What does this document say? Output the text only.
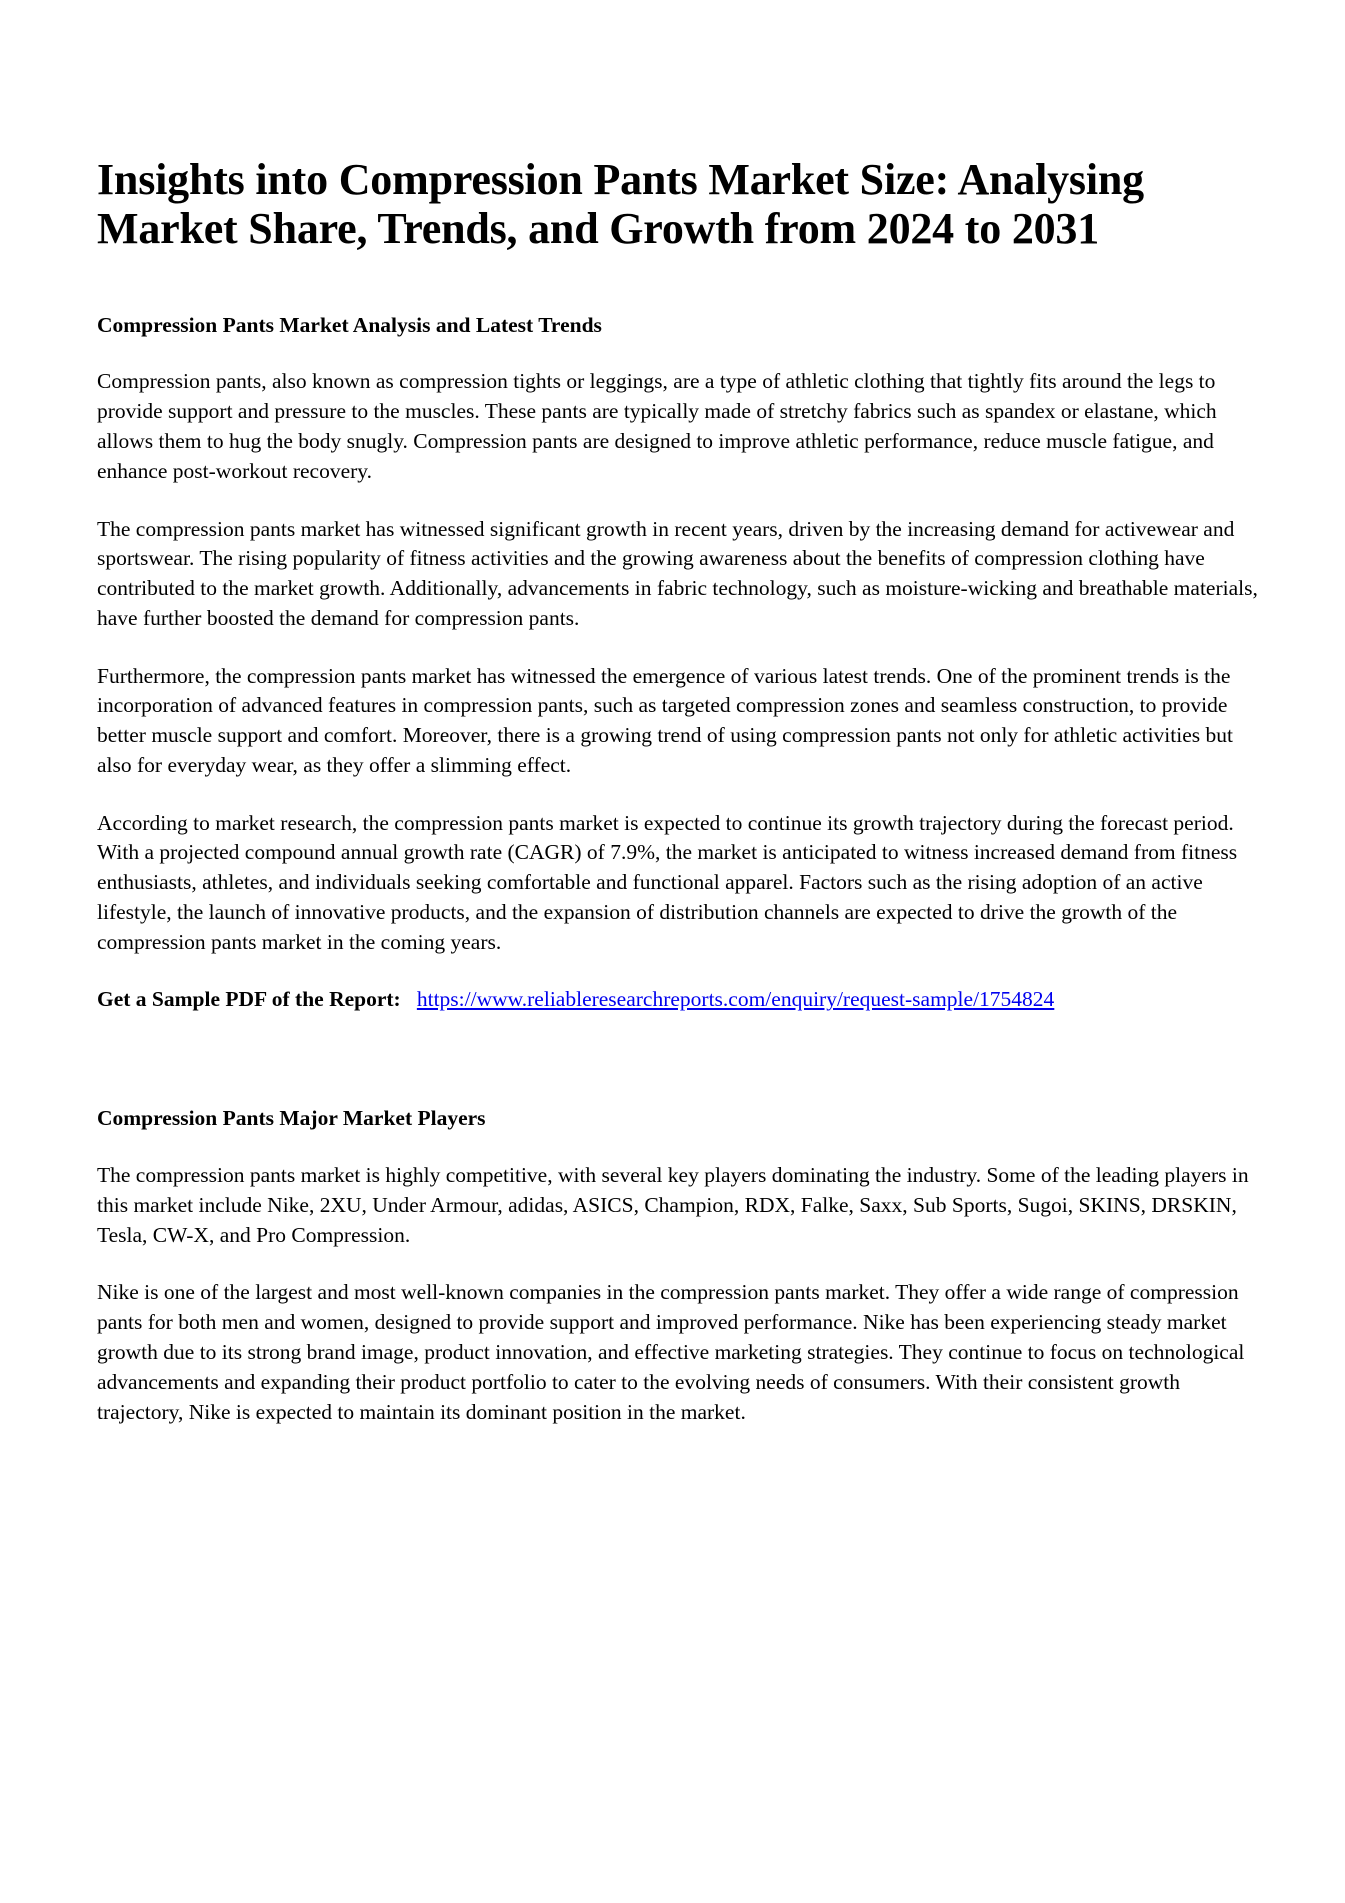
Insights into Compression Pants Market Size: Analysing Market Share, Trends, and Growth from 2024 to 2031
Compression Pants Market Analysis and Latest Trends

Compression pants, also known as compression tights or leggings, are a type of athletic clothing that tightly fits around the legs to provide support and pressure to the muscles. These pants are typically made of stretchy fabrics such as spandex or elastane, which allows them to hug the body snugly. Compression pants are designed to improve athletic performance, reduce muscle fatigue, and enhance post-workout recovery.

The compression pants market has witnessed significant growth in recent years, driven by the increasing demand for activewear and sportswear. The rising popularity of fitness activities and the growing awareness about the benefits of compression clothing have contributed to the market growth. Additionally, advancements in fabric technology, such as moisture-wicking and breathable materials, have further boosted the demand for compression pants.

Furthermore, the compression pants market has witnessed the emergence of various latest trends. One of the prominent trends is the incorporation of advanced features in compression pants, such as targeted compression zones and seamless construction, to provide better muscle support and comfort. Moreover, there is a growing trend of using compression pants not only for athletic activities but also for everyday wear, as they offer a slimming effect.

According to market research, the compression pants market is expected to continue its growth trajectory during the forecast period. With a projected compound annual growth rate (CAGR) of 7.9%, the market is anticipated to witness increased demand from fitness enthusiasts, athletes, and individuals seeking comfortable and functional apparel. Factors such as the rising adoption of an active lifestyle, the launch of innovative products, and the expansion of distribution channels are expected to drive the growth of the compression pants market in the coming years.

Get a Sample PDF of the Report: https://www.reliableresearchreports.com/enquiry/request-sample/1754824
Compression Pants Major Market Players

The compression pants market is highly competitive, with several key players dominating the industry. Some of the leading players in this market include Nike, 2XU, Under Armour, adidas, ASICS, Champion, RDX, Falke, Saxx, Sub Sports, Sugoi, SKINS, DRSKIN, Tesla, CW-X, and Pro Compression.

Nike is one of the largest and most well-known companies in the compression pants market. They offer a wide range of compression pants for both men and women, designed to provide support and improved performance. Nike has been experiencing steady market growth due to its strong brand image, product innovation, and effective marketing strategies. They continue to focus on technological advancements and expanding their product portfolio to cater to the evolving needs of consumers. With their consistent growth trajectory, Nike is expected to maintain its dominant position in the market.
